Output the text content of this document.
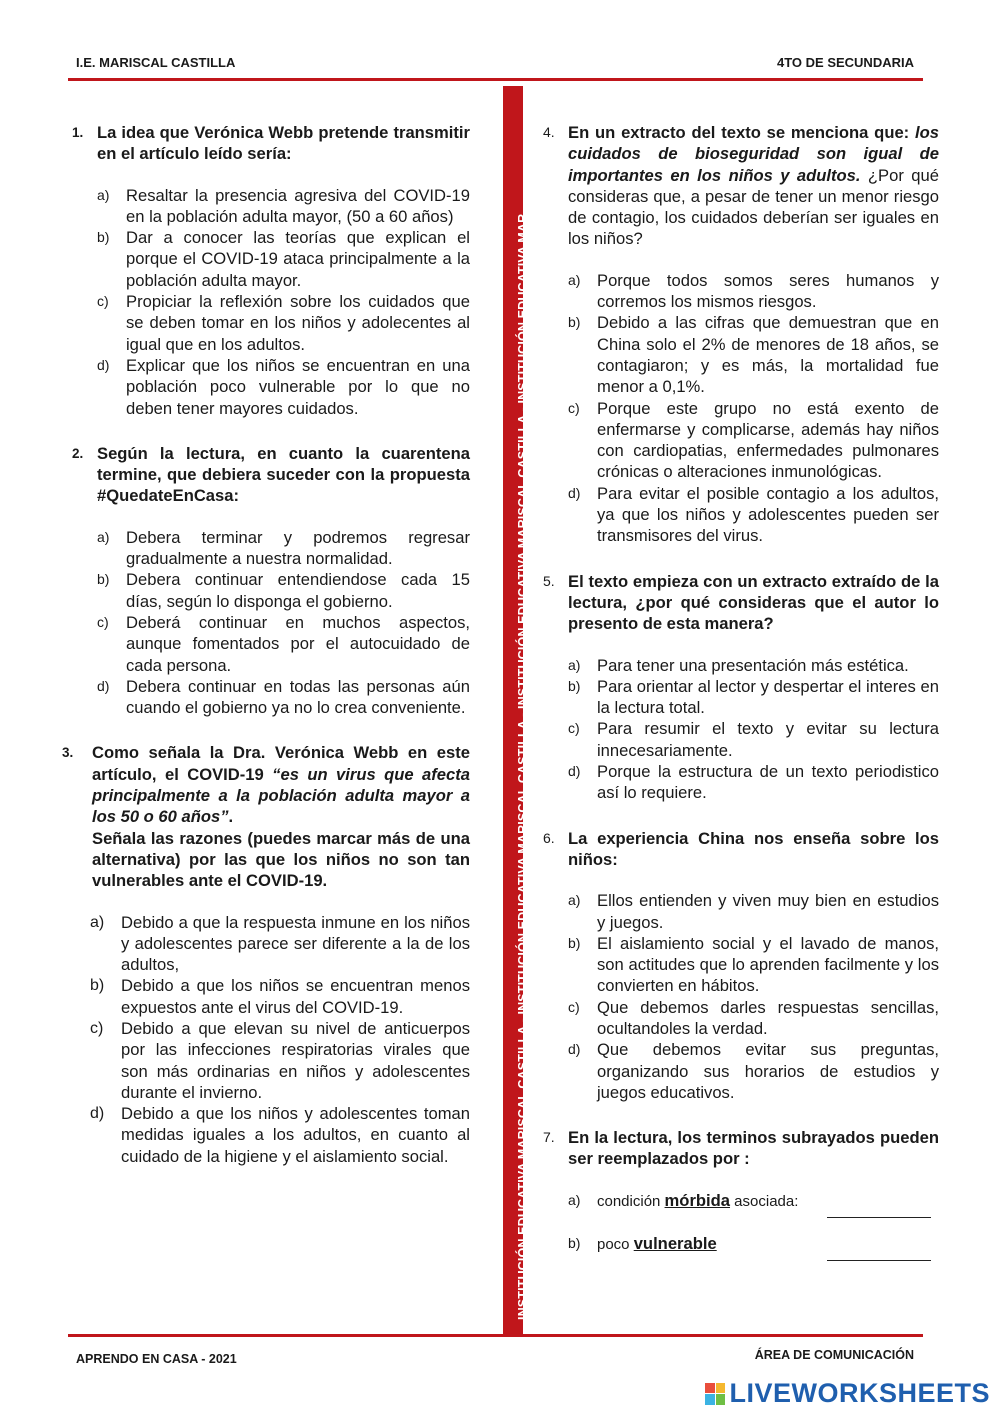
I.E. MARISCAL CASTILLA	4TO DE SECUNDARIA
INSTITUCIÓN EDUCATIVA MARISCAL CASTILLA - INSTITUCIÓN EDUCATIVA MARISCAL CASTILLA - INSTITUCIÓN EDUCATIVA MARISCAL CASTILLA - INSTITUCIÓN EDUCATIVA MAR
1. La idea que Verónica Webb pretende transmitir en el artículo leído sería:
a) Resaltar la presencia agresiva del COVID-19 en la población adulta mayor, (50 a 60 años)
b) Dar a conocer las teorías que explican el porque el COVID-19 ataca principalmente a la población adulta mayor.
c) Propiciar la reflexión sobre los cuidados que se deben tomar en los niños y adolecentes al igual que en los adultos.
d) Explicar que los niños se encuentran en una población poco vulnerable por lo que no deben tener mayores cuidados.
2. Según la lectura, en cuanto la cuarentena termine, que debiera suceder con la propuesta #QuedateEnCasa:
a) Debera terminar y podremos regresar gradualmente a nuestra normalidad.
b) Debera continuar entendiendose cada 15 días, según lo disponga el gobierno.
c) Deberá continuar en muchos aspectos, aunque fomentados por el autocuidado de cada persona.
d) Debera continuar en todas las personas aún cuando el gobierno ya no lo crea conveniente.
3. Como señala la Dra. Verónica Webb en este artículo, el COVID-19 “es un virus que afecta principalmente a la población adulta mayor a los 50 o 60 años”.
Señala las razones (puedes marcar más de una alternativa) por las que los niños no son tan vulnerables ante el COVID-19.
a) Debido a que la respuesta inmune en los niños y adolescentes parece ser diferente a la de los adultos,
b) Debido a que los niños se encuentran menos expuestos ante el virus del COVID-19.
c) Debido a que elevan su nivel de anticuerpos por las infecciones respiratorias virales que son más ordinarias en niños y adolescentes durante el invierno.
d) Debido a que los niños y adolescentes toman medidas iguales a los adultos, en cuanto al cuidado de la higiene y el aislamiento social.
4. En un extracto del texto se menciona que: los cuidados de bioseguridad son igual de importantes en los niños y adultos. ¿Por qué consideras que, a pesar de tener un menor riesgo de contagio, los cuidados deberían ser iguales en los niños?
a) Porque todos somos seres humanos y corremos los mismos riesgos.
b) Debido a las cifras que demuestran que en China solo el 2% de menores de 18 años, se contagiaron; y es más, la mortalidad fue menor a 0,1%.
c) Porque este grupo no está exento de enfermarse y complicarse, además hay niños con cardiopatias, enfermedades pulmonares crónicas o alteraciones inmunológicas.
d) Para evitar el posible contagio a los adultos, ya que los niños y adolescentes pueden ser transmisores del virus.
5. El texto empieza con un extracto extraído de la lectura, ¿por qué consideras que el autor lo presento de esta manera?
a) Para tener una presentación más estética.
b) Para orientar al lector y despertar el interes en la lectura total.
c) Para resumir el texto y evitar su lectura innecesariamente.
d) Porque la estructura de un texto periodistico así lo requiere.
6. La experiencia China nos enseña sobre los niños:
a) Ellos entienden y viven muy bien en estudios y juegos.
b) El aislamiento social y el lavado de manos, son actitudes que lo aprenden facilmente y los convierten en hábitos.
c) Que debemos darles respuestas sencillas, ocultandoles la verdad.
d) Que debemos evitar sus preguntas, organizando sus horarios de estudios y juegos educativos.
7. En la lectura, los terminos subrayados pueden ser reemplazados por :
a) condición mórbida asociada:
b) poco vulnerable
APRENDO EN CASA - 2021	ÁREA DE COMUNICACIÓN
LIVEWORKSHEETS
